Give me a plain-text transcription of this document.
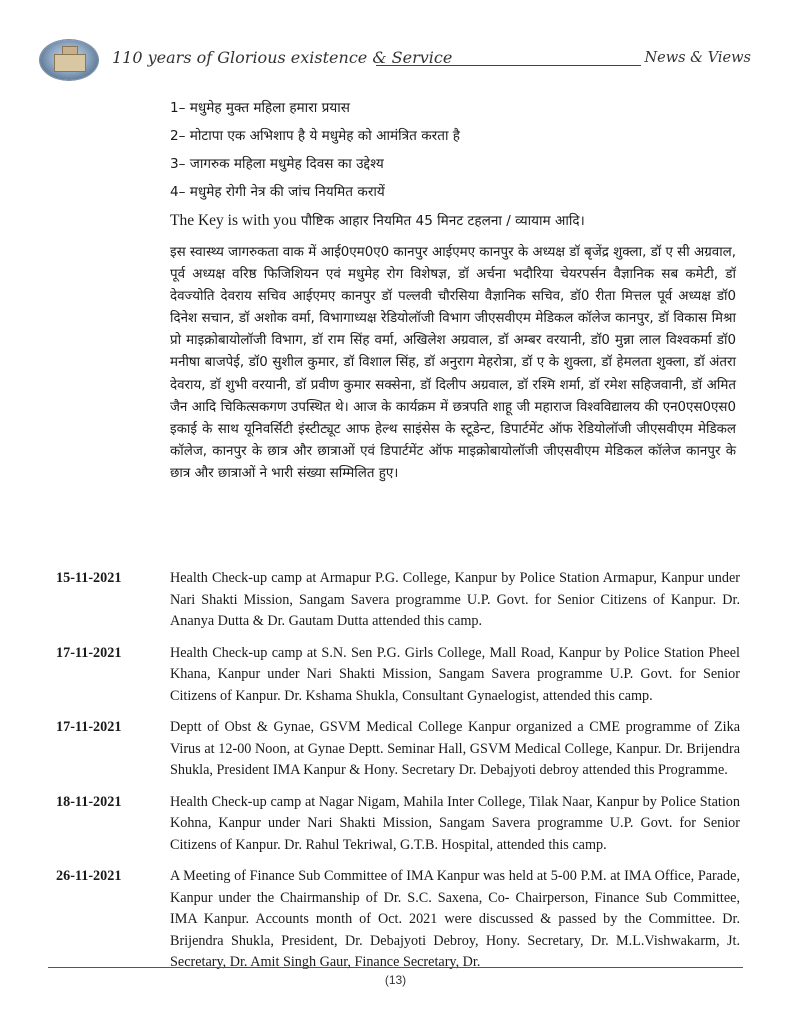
110 years of Glorious existence & Service	News & Views
1– मधुमेह मुक्त महिला हमारा प्रयास
2– मोटापा एक अभिशाप है ये मधुमेह को आमंत्रित करता है
3– जागरुक महिला मधुमेह दिवस का उद्देश्य
4– मधुमेह रोगी नेत्र की जांच नियमित करायें
The Key is with you पौष्टिक आहार नियमित 45 मिनट टहलना / व्यायाम आदि।
इस स्वास्थ्य जागरुकता वाक में आई0एम0ए0 कानपुर आईएमए कानपुर के अध्यक्ष डॉ बृजेंद्र शुक्ला, डॉ ए सी अग्रवाल, पूर्व अध्यक्ष वरिष्ठ फिजिशियन एवं मधुमेह रोग विशेषज्ञ, डॉ अर्चना भदौरिया चेयरपर्सन वैज्ञानिक सब कमेटी, डॉ देवज्योति देवराय सचिव आईएमए कानपुर डॉ पल्लवी चौरसिया वैज्ञानिक सचिव, डॉ0 रीता मित्तल पूर्व अध्यक्ष डॉ0 दिनेश सचान, डॉ अशोक वर्मा, विभागाध्यक्ष रेडियोलॉजी विभाग जीएसवीएम मेडिकल कॉलेज कानपुर, डॉ विकास मिश्रा प्रो माइक्रोबायोलॉजी विभाग, डॉ राम सिंह वर्मा, अखिलेश अग्रवाल, डॉ अम्बर वरयानी, डॉ0 मुन्ना लाल विश्वकर्मा डॉ0 मनीषा बाजपेई, डॉ0 सुशील कुमार, डॉ विशाल सिंह, डॉ अनुराग मेहरोत्रा, डॉ ए के शुक्ला, डॉ हेमलता शुक्ला, डॉ अंतरा देवराय, डॉ शुभी वरयानी, डॉ प्रवीण कुमार सक्सेना, डॉ दिलीप अग्रवाल, डॉ रश्मि शर्मा, डॉ रमेश सहिजवानी, डॉ अमित जैन आदि चिकित्सकगण उपस्थित थे। आज के कार्यक्रम में छत्रपति शाहू जी महाराज विश्वविद्यालय की एन0एस0एस0 इकाई के साथ यूनिवर्सिटी इंस्टीट्यूट आफ हेल्थ साइंसेस के स्टूडेन्ट, डिपार्टमेंट ऑफ रेडियोलॉजी जीएसवीएम मेडिकल कॉलेज, कानपुर के छात्र और छात्राओं एवं डिपार्टमेंट ऑफ माइक्रोबायोलॉजी जीएसवीएम मेडिकल कॉलेज कानपुर के छात्र और छात्राओं ने भारी संख्या सम्मिलित हुए।
15-11-2021	Health Check-up camp at Armapur P.G. College, Kanpur by Police Station Armapur, Kanpur under Nari Shakti Mission, Sangam Savera programme U.P. Govt. for Senior Citizens of Kanpur. Dr. Ananya Dutta & Dr. Gautam Dutta attended this camp.
17-11-2021	Health Check-up camp at S.N. Sen P.G. Girls College, Mall Road, Kanpur by Police Station Pheel Khana, Kanpur under Nari Shakti Mission, Sangam Savera programme U.P. Govt. for Senior Citizens of Kanpur. Dr. Kshama Shukla, Consultant Gynaelogist, attended this camp.
17-11-2021	Deptt of Obst & Gynae, GSVM Medical College Kanpur organized a CME programme of Zika Virus at 12-00 Noon, at Gynae Deptt. Seminar Hall, GSVM Medical College, Kanpur. Dr. Brijendra Shukla, President IMA Kanpur & Hony. Secretary Dr. Debajyoti debroy attended this Programme.
18-11-2021	Health Check-up camp at Nagar Nigam, Mahila Inter College, Tilak Naar, Kanpur by Police Station Kohna, Kanpur under Nari Shakti Mission, Sangam Savera programme U.P. Govt. for Senior Citizens of Kanpur. Dr. Rahul Tekriwal, G.T.B. Hospital, attended this camp.
26-11-2021	A Meeting of Finance Sub Committee of IMA Kanpur was held at 5-00 P.M. at IMA Office, Parade, Kanpur under the Chairmanship of Dr. S.C. Saxena, Co- Chairperson, Finance Sub Committee, IMA Kanpur. Accounts month of Oct. 2021 were discussed & passed by the Committee. Dr. Brijendra Shukla, President, Dr. Debajyoti Debroy, Hony. Secretary, Dr. M.L.Vishwakarm, Jt. Secretary, Dr. Amit Singh Gaur, Finance Secretary, Dr.
(13)
